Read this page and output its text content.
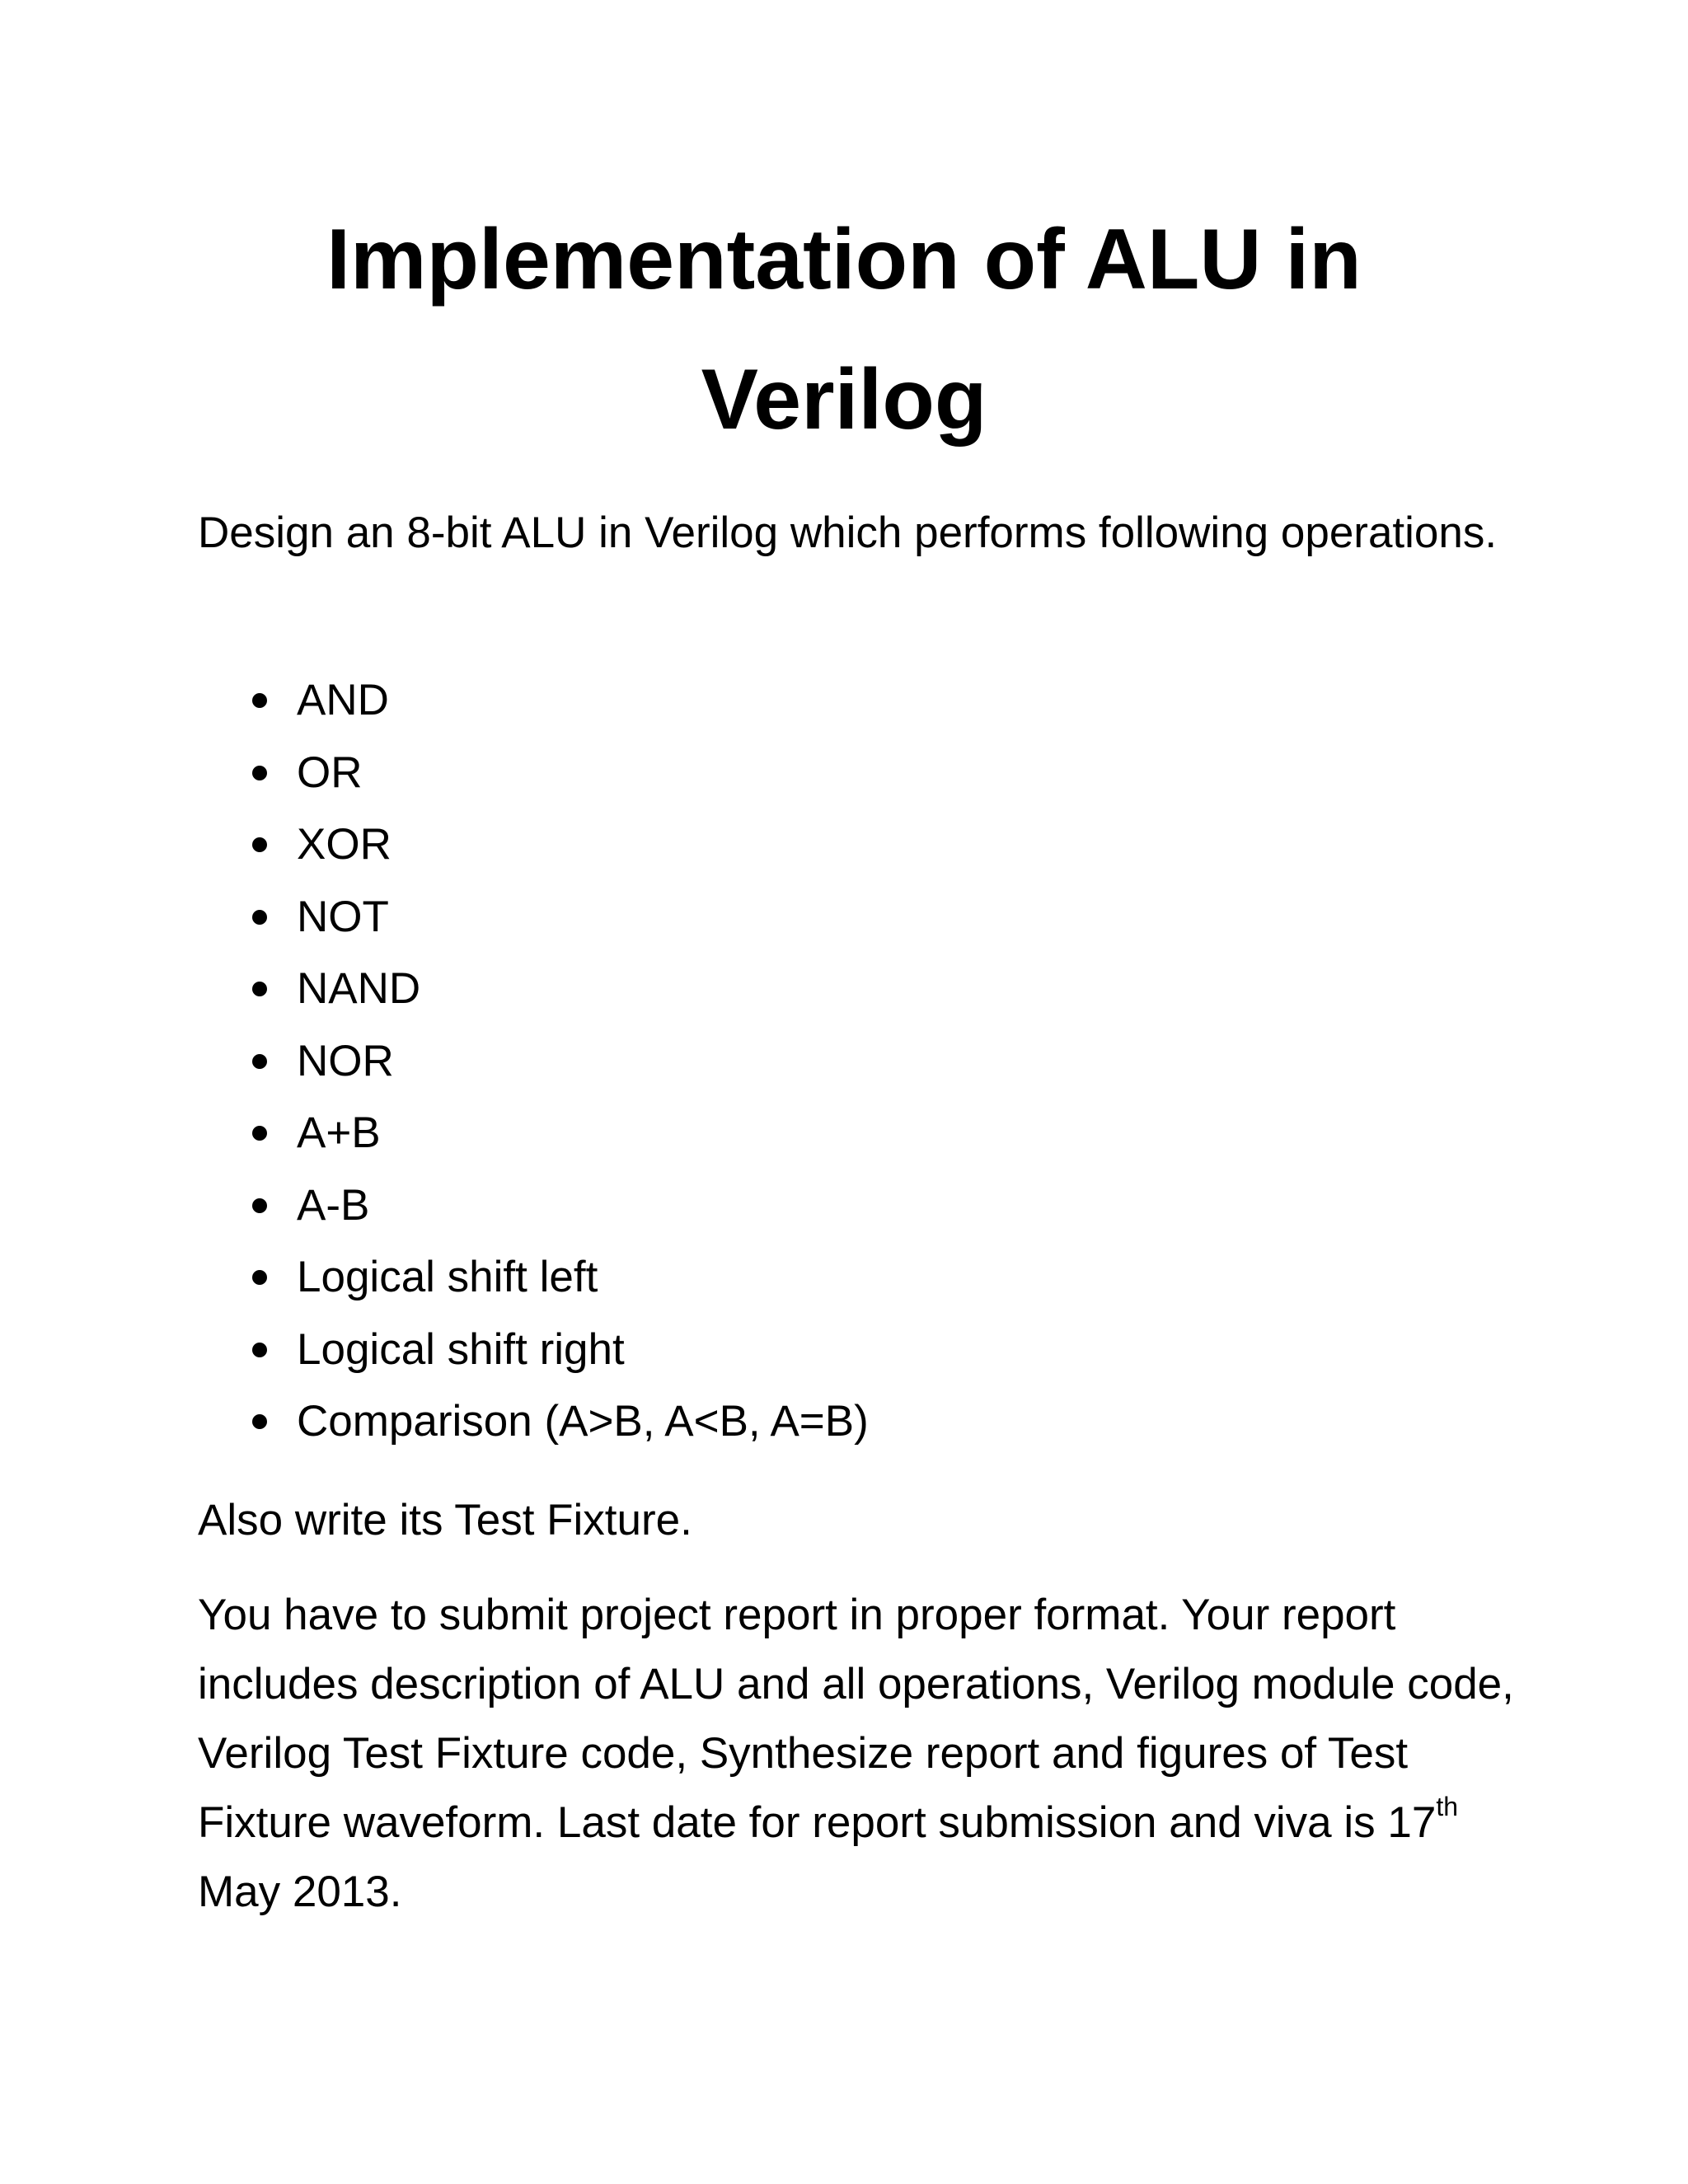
Implementation of ALU in
Verilog

Design an 8-bit ALU in Verilog which performs following operations.

AND
OR
XOR
NOT
NAND
NOR
A+B
A-B
Logical shift left
Logical shift right
Comparison (A>B, A<B, A=B)

Also write its Test Fixture.

You have to submit project report in proper format. Your report includes description of ALU and all operations, Verilog module code, Verilog Test Fixture code, Synthesize report and figures of Test Fixture waveform. Last date for report submission and viva is 17th May 2013.
